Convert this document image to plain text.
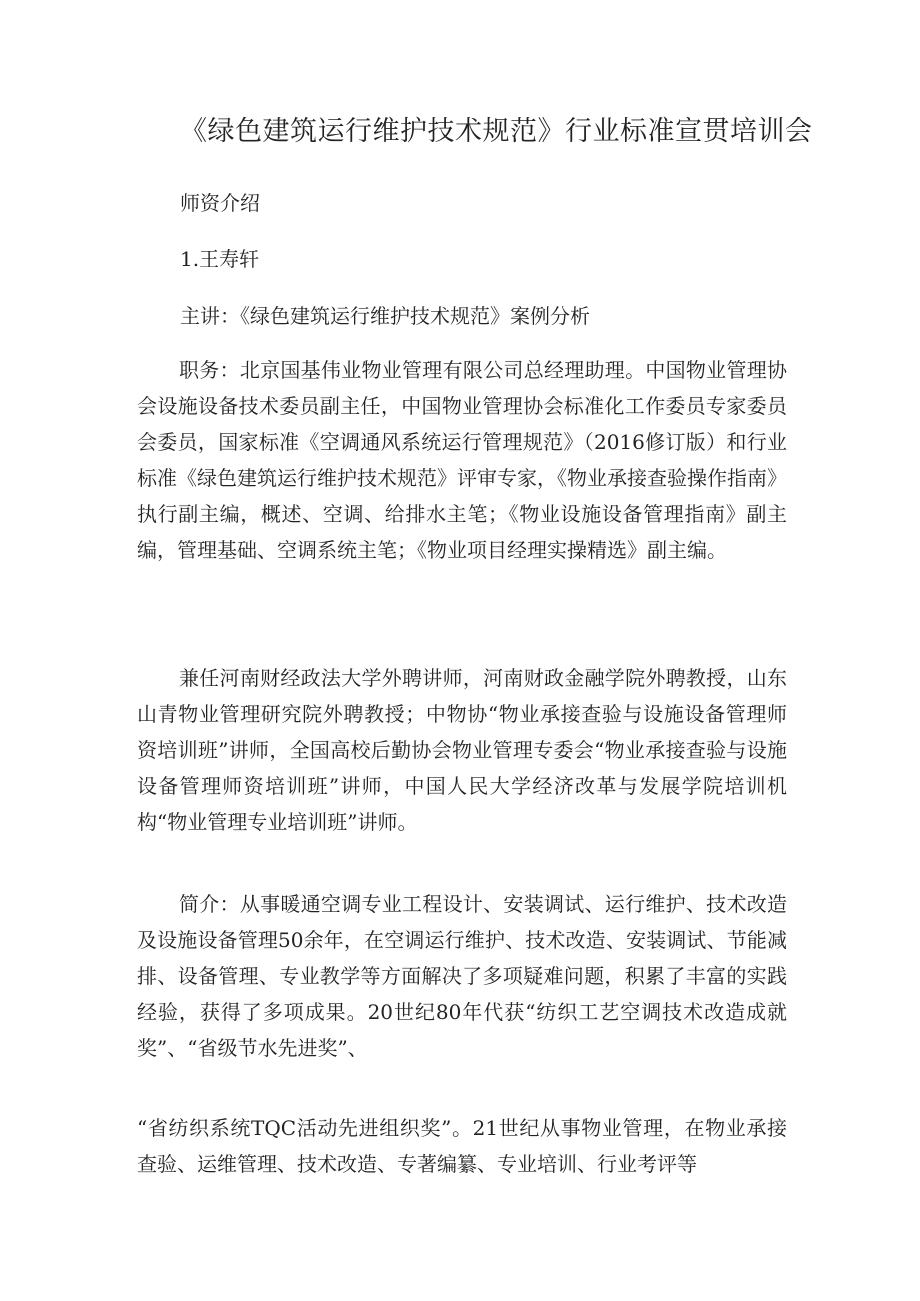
《绿色建筑运行维护技术规范》行业标准宣贯培训会
师资介绍
1.王寿轩
主讲：《绿色建筑运行维护技术规范》案例分析

职务：北京国基伟业物业管理有限公司总经理助理。中国物业管理协会设施设备技术委员副主任，中国物业管理协会标准化工作委员专家委员会委员，国家标准《空调通风系统运行管理规范》（2016修订版）和行业标准《绿色建筑运行维护技术规范》评审专家，《物业承接查验操作指南》执行副主编，概述、空调、给排水主笔；《物业设施设备管理指南》副主编，管理基础、空调系统主笔；《物业项目经理实操精选》副主编。

兼任河南财经政法大学外聘讲师，河南财政金融学院外聘教授，山东山青物业管理研究院外聘教授；中物协“物业承接查验与设施设备管理师资培训班”讲师，全国高校后勤协会物业管理专委会“物业承接查验与设施设备管理师资培训班”讲师，中国人民大学经济改革与发展学院培训机构“物业管理专业培训班”讲师。

简介：从事暖通空调专业工程设计、安装调试、运行维护、技术改造及设施设备管理50余年，在空调运行维护、技术改造、安装调试、节能减排、设备管理、专业教学等方面解决了多项疑难问题，积累了丰富的实践经验，获得了多项成果。20世纪80年代获“纺织工艺空调技术改造成就奖”、“省级节水先进奖”、

“省纺织系统TQC活动先进组织奖”。21世纪从事物业管理，在物业承接查验、运维管理、技术改造、专著编纂、专业培训、行业考评等
